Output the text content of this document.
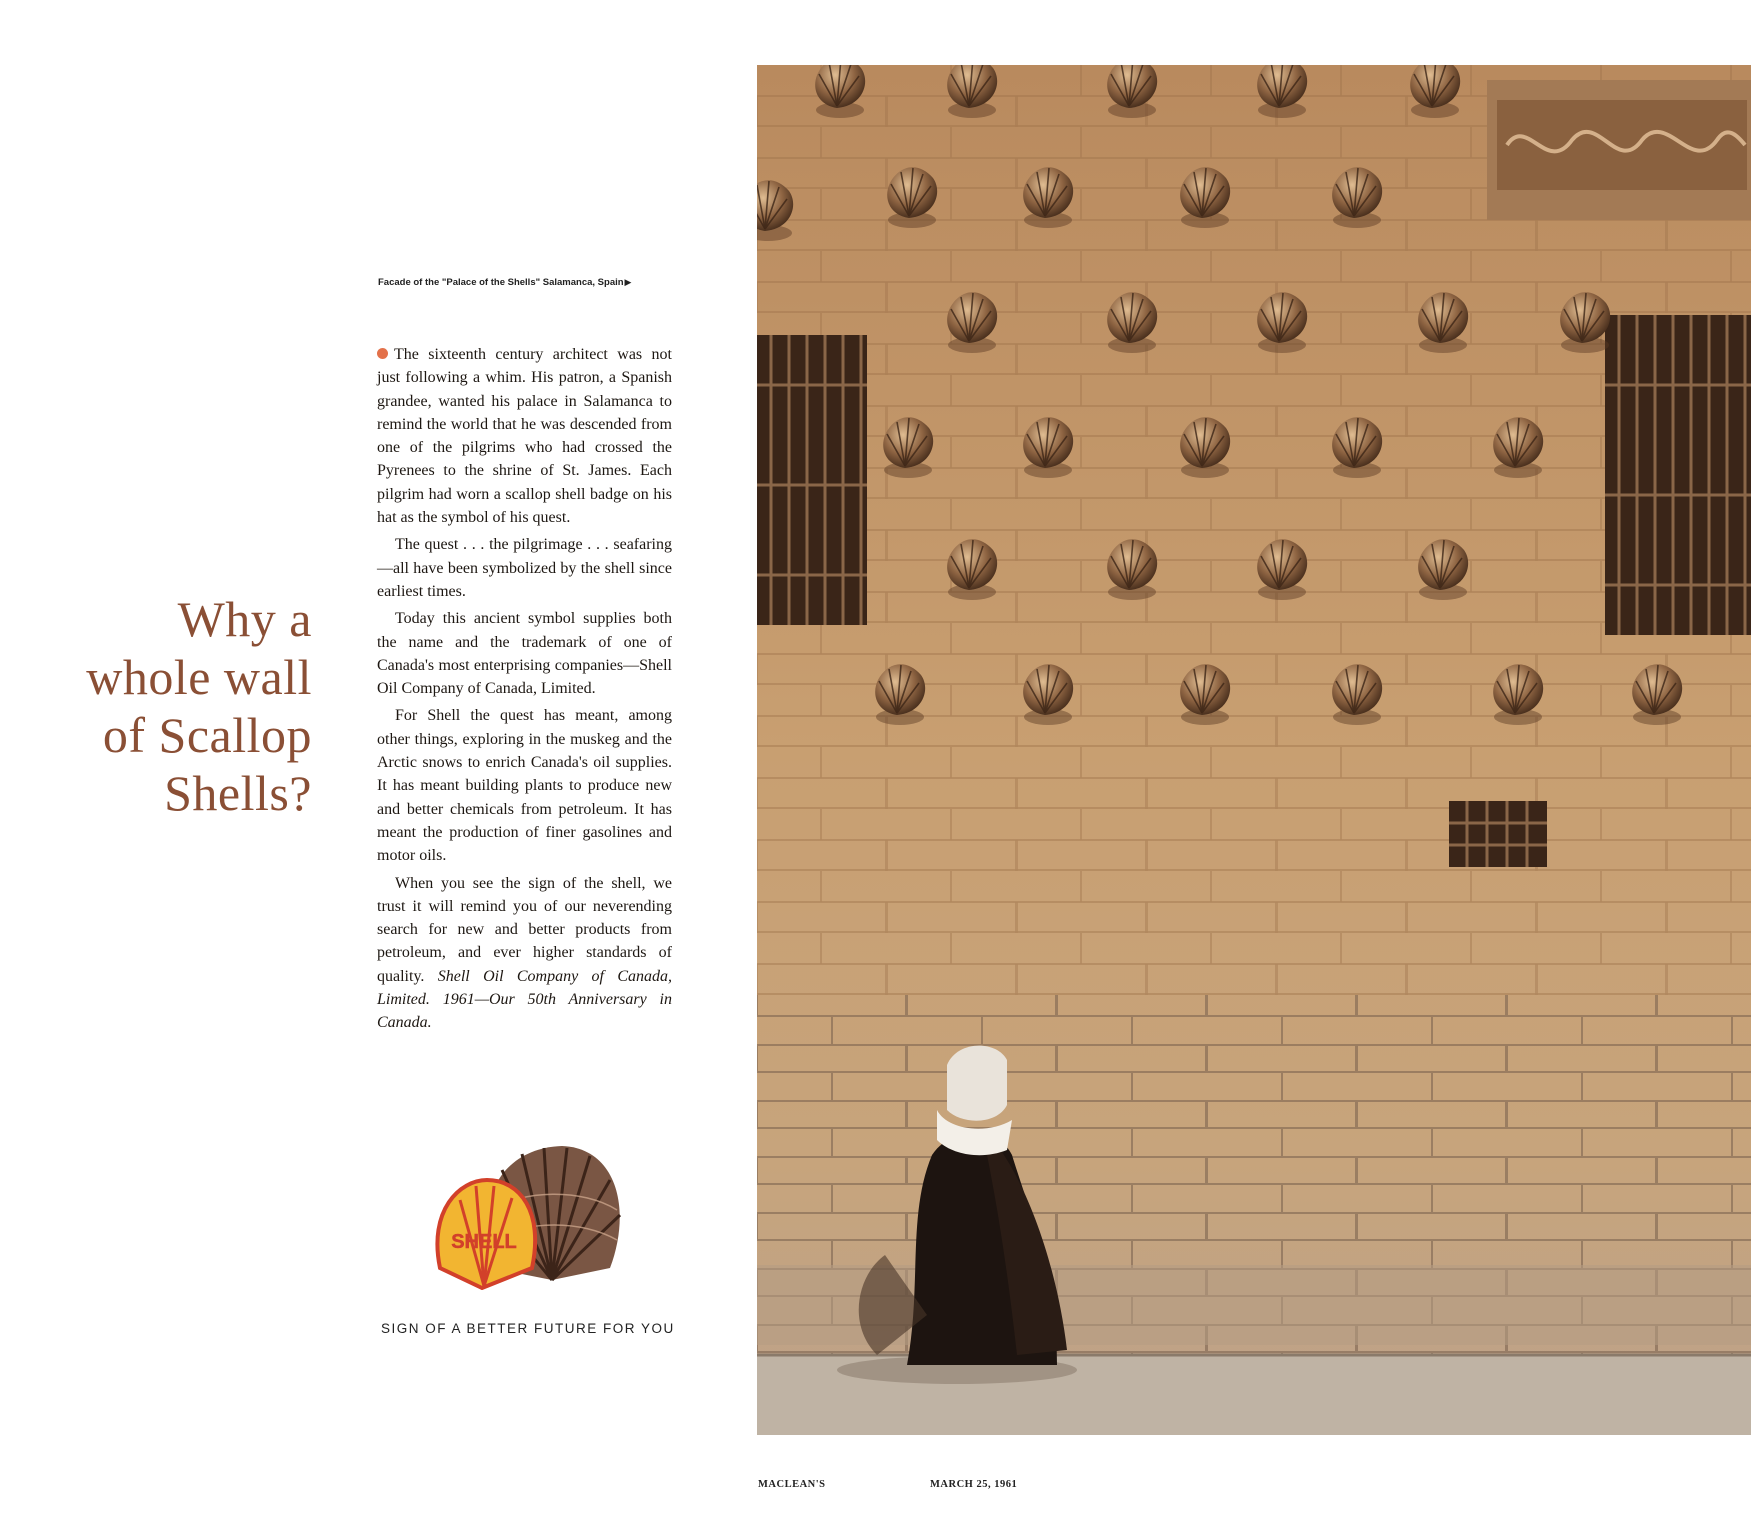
Why a
whole wall
of Scallop
Shells?
Facade of the "Palace of the Shells" Salamanca, Spain▶

The sixteenth century architect was not just following a whim. His patron, a Spanish grandee, wanted his palace in Salamanca to remind the world that he was descended from one of the pilgrims who had crossed the Pyrenees to the shrine of St. James. Each pilgrim had worn a scallop shell badge on his hat as the symbol of his quest.

The quest . . . the pilgrimage . . . seafaring—all have been symbolized by the shell since earliest times.

Today this ancient symbol supplies both the name and the trademark of one of Canada's most enterprising companies—Shell Oil Company of Canada, Limited.

For Shell the quest has meant, among other things, exploring in the muskeg and the Arctic snows to enrich Canada's oil supplies. It has meant building plants to produce new and better chemicals from petroleum. It has meant the production of finer gasolines and motor oils.

When you see the sign of the shell, we trust it will remind you of our neverending search for new and better products from petroleum, and ever higher standards of quality. Shell Oil Company of Canada, Limited. 1961—Our 50th Anniversary in Canada.

SHELL
SIGN OF A BETTER FUTURE FOR YOU
MACLEAN'S	MARCH 25, 1961
